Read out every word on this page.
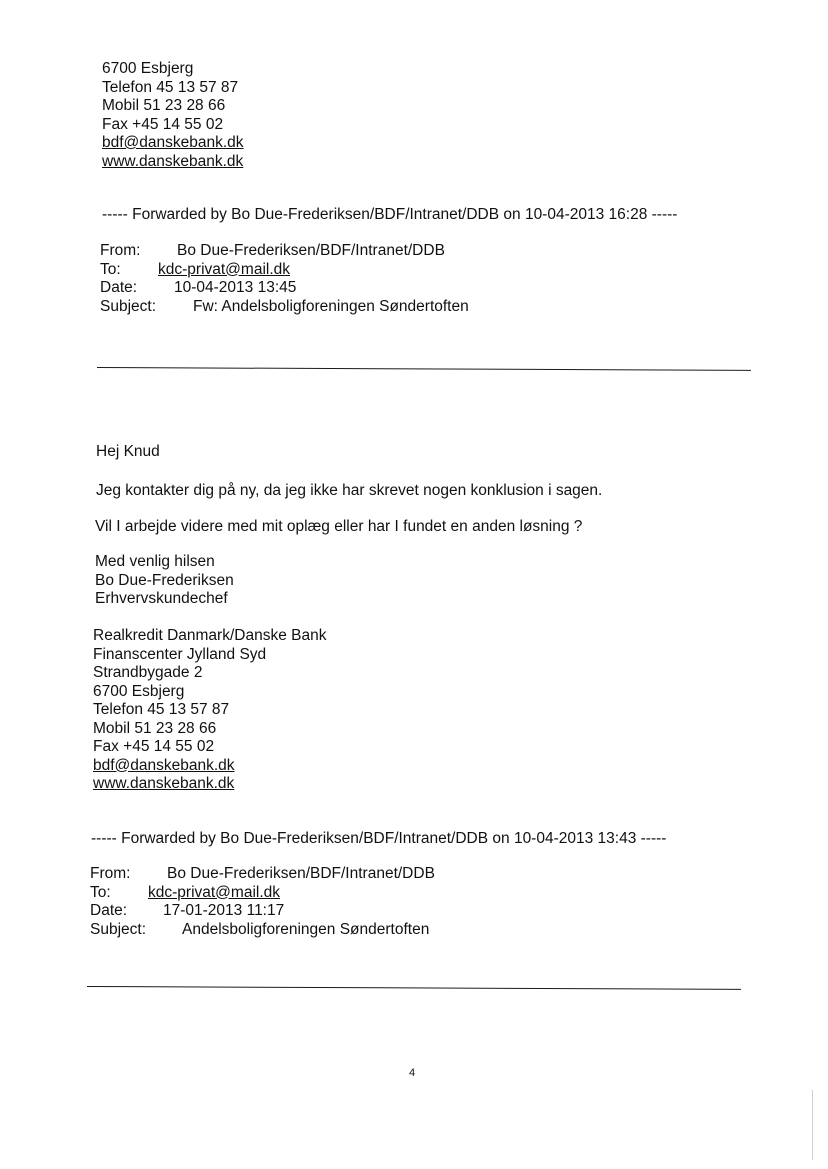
6700 Esbjerg
Telefon 45 13 57 87
Mobil 51 23 28 66
Fax +45 14 55 02
bdf@danskebank.dk
www.danskebank.dk
----- Forwarded by Bo Due-Frederiksen/BDF/Intranet/DDB on 10-04-2013 16:28 -----
From: Bo Due-Frederiksen/BDF/Intranet/DDB
To: kdc-privat@mail.dk
Date: 10-04-2013 13:45
Subject: Fw: Andelsboligforeningen Søndertoften
Hej Knud
Jeg kontakter dig på ny, da jeg ikke har skrevet nogen konklusion i sagen.
Vil I arbejde videre med mit oplæg eller har I fundet en anden løsning ?
Med venlig hilsen
Bo Due-Frederiksen
Erhvervskundechef
Realkredit Danmark/Danske Bank
Finanscenter Jylland Syd
Strandbygade 2
6700 Esbjerg
Telefon 45 13 57 87
Mobil 51 23 28 66
Fax +45 14 55 02
bdf@danskebank.dk
www.danskebank.dk
----- Forwarded by Bo Due-Frederiksen/BDF/Intranet/DDB on 10-04-2013 13:43 -----
From: Bo Due-Frederiksen/BDF/Intranet/DDB
To: kdc-privat@mail.dk
Date: 17-01-2013 11:17
Subject: Andelsboligforeningen Søndertoften
4
